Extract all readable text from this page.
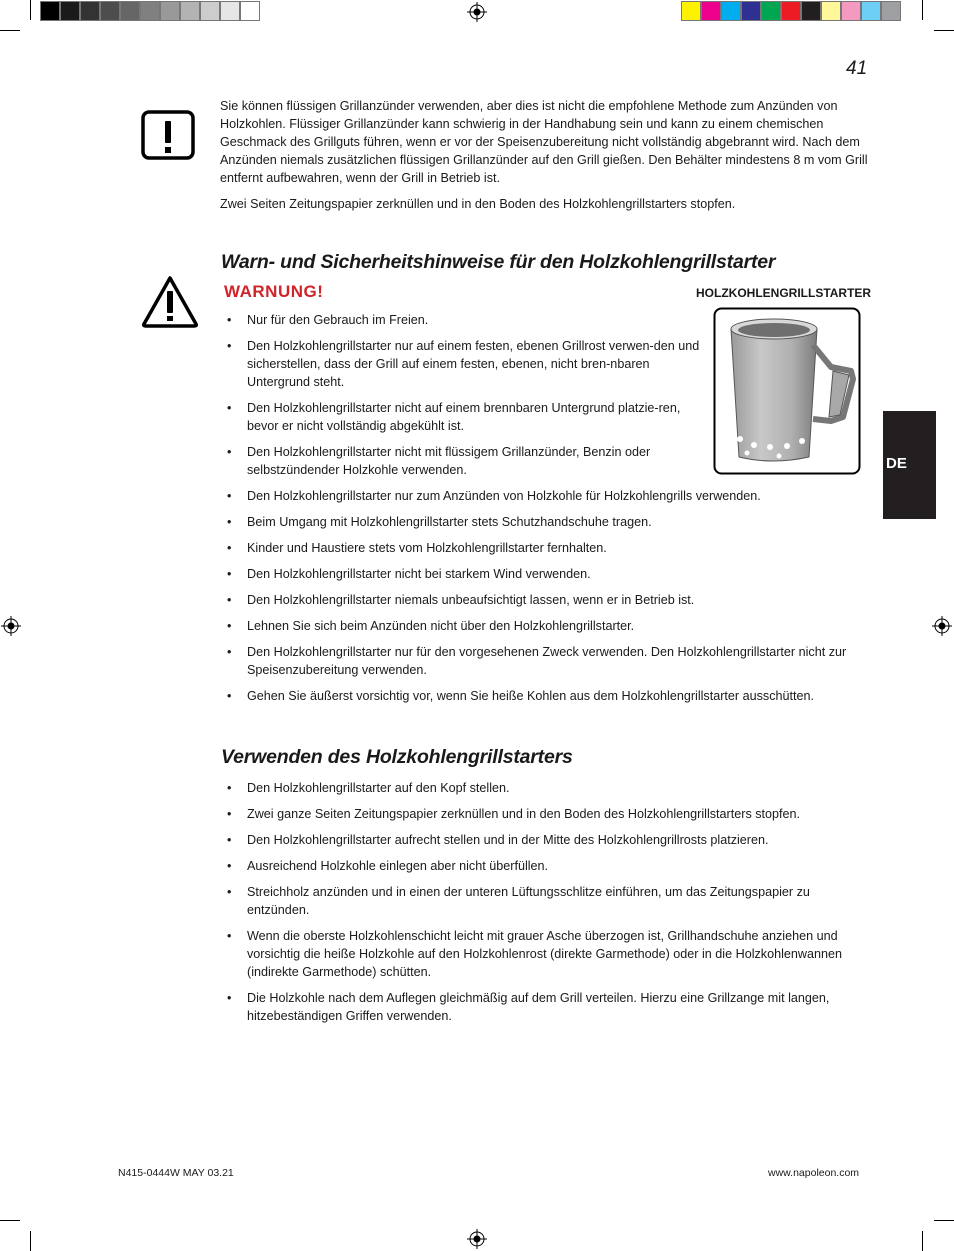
41

Sie können flüssigen Grillanzünder verwenden, aber dies ist nicht die empfohlene Methode zum Anzünden von Holzkohlen. Flüssiger Grillanzünder kann schwierig in der Handhabung sein und kann zu einem chemischen Geschmack des Grillguts führen, wenn er vor der Speisenzubereitung nicht vollständig abgebrannt wird. Nach dem Anzünden niemals zusätzlichen flüssigen Grillanzünder auf den Grill gießen. Den Behälter mindestens 8 m vom Grill entfernt aufbewahren, wenn der Grill in Betrieb ist.

Zwei Seiten Zeitungspapier zerknüllen und in den Boden des Holzkohlengrillstarters stopfen.

Warn- und Sicherheitshinweise für den Holzkohlengrillstarter
WARNUNG!	HOLZKOHLENGRILLSTARTER
• Nur für den Gebrauch im Freien.
• Den Holzkohlengrillstarter nur auf einem festen, ebenen Grillrost verwen-den und sicherstellen, dass der Grill auf einem festen, ebenen, nicht bren-nbaren Untergrund steht.
• Den Holzkohlengrillstarter nicht auf einem brennbaren Untergrund platzie-ren, bevor er nicht vollständig abgekühlt ist.
• Den Holzkohlengrillstarter nicht mit flüssigem Grillanzünder, Benzin oder selbstzündender Holzkohle verwenden.
• Den Holzkohlengrillstarter nur zum Anzünden von Holzkohle für Holzkohlengrills verwenden.
• Beim Umgang mit Holzkohlengrillstarter stets Schutzhandschuhe tragen.
• Kinder und Haustiere stets vom Holzkohlengrillstarter fernhalten.
• Den Holzkohlengrillstarter nicht bei starkem Wind verwenden.
• Den Holzkohlengrillstarter niemals unbeaufsichtigt lassen, wenn er in Betrieb ist.
• Lehnen Sie sich beim Anzünden nicht über den Holzkohlengrillstarter.
• Den Holzkohlengrillstarter nur für den vorgesehenen Zweck verwenden. Den Holzkohlengrillstarter nicht zur Speisenzubereitung verwenden.
• Gehen Sie äußerst vorsichtig vor, wenn Sie heiße Kohlen aus dem Holzkohlengrillstarter ausschütten.
Verwenden des Holzkohlengrillstarters
• Den Holzkohlengrillstarter auf den Kopf stellen.
• Zwei ganze Seiten Zeitungspapier zerknüllen und in den Boden des Holzkohlengrillstarters stopfen.
• Den Holzkohlengrillstarter aufrecht stellen und in der Mitte des Holzkohlengrillrosts platzieren.
• Ausreichend Holzkohle einlegen aber nicht überfüllen.
• Streichholz anzünden und in einen der unteren Lüftungsschlitze einführen, um das Zeitungspapier zu entzünden.
• Wenn die oberste Holzkohlenschicht leicht mit grauer Asche überzogen ist, Grillhandschuhe anziehen und vorsichtig die heiße Holzkohle auf den Holzkohlenrost (direkte Garmethode) oder in die Holzkohlenwannen (indirekte Garmethode) schütten.
• Die Holzkohle nach dem Auflegen gleichmäßig auf dem Grill verteilen. Hierzu eine Grillzange mit langen, hitzebeständigen Griffen verwenden.
DE
N415-0444W MAY 03.21	www.napoleon.com
